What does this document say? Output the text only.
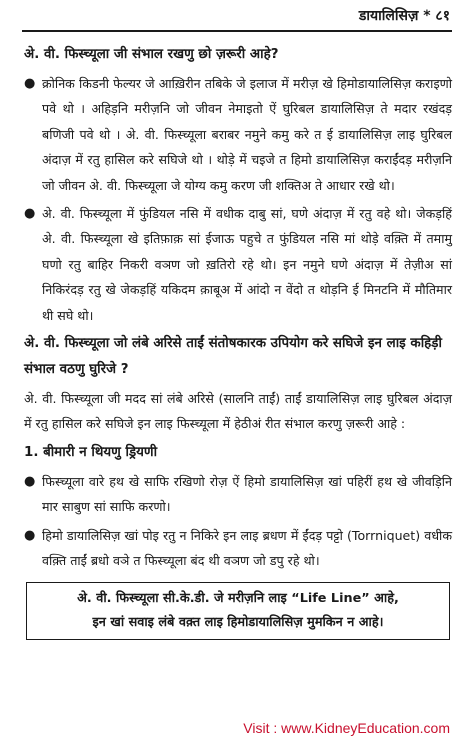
डायालिसिज़ * ८१
अे. वी. फिस्च्यूला जी संभाल रखणु छो ज़रूरी आहे?
● क्रोनिक किडनी फेल्यर जे आख़िरीन तबिके जे इलाज में मरीज़ खे हिमोडायालिसिज़ कराइणो पवे थो । अहिड़नि मरीज़नि जो जीवन नेमाइतो ऐं घुरिबल डायालिसिज़ ते मदार रखंदड़ बणिजी पवे थो । अे. वी. फिस्च्यूला बराबर नमुने कमु करे त ई डायालिसिज़ लाइ घुरिबल अंदाज़ में रतु हासिल करे सघिजे थो । थोड़े में चइजे त हिमो डायालिसिज़ कराईंदड़ मरीज़नि जो जीवन अे. वी. फिस्च्यूला जे योग्य कमु करण जी शक्तिअ ते आधार रखे थो।
● अे. वी. फिस्च्यूला में फुंडियल नसि में वधीक दाबु सां, घणे अंदाज़ में रतु वहे थो। जेकड़हिं अे. वी. फिस्च्यूला खे इतिफ़ाक़ सां ईजाऊ पहुचे त फुंडियल नसि मां थोड़े वक़्ति में तमामु घणो रतु बाहिर निकरी वञण जो ख़तिरो रहे थो। इन नमुने घणे अंदाज़ में तेज़ीअ सां निकिरंदड़ रतु खे जेकड़हिं यकिदम क़ाबूअ में आंदो न वेंदो त थोड़नि ई मिनटनि में मौतिमार थी सघे थो।
अे. वी. फिस्च्यूला जो लंबे अरिसे ताईं संतोषकारक उपियोग करे सघिजे इन लाइ कहिड़ी संभाल वठणु घुरिजे ?
अे. वी. फिस्च्यूला जी मदद सां लंबे अरिसे (सालनि ताईं) ताईं डायालिसिज़ लाइ घुरिबल अंदाज़ में रतु हासिल करे सघिजे इन लाइ फिस्च्यूला में हेठीअं रीत संभाल करणु ज़रूरी आहे :
1. बीमारी न थियणु ड्रियणी
● फिस्च्यूला वारे हथ खे साफि रखिणो रोज़ ऐं हिमो डायालिसिज़ खां पहिरीं हथ खे जीवड़िनि मार साबुण सां साफि करणो।
● हिमो डायालिसिज़ खां पोइ रतु न निकिरे इन लाइ ब्रधण में ईंदड़ पट्टो (Torrniquet) वधीक वक़्ति ताईं ब्रधो वञे त फिस्च्यूला बंद थी वञण जो डपु रहे थो।
अे. वी. फिस्च्यूला सी.के.डी. जे मरीज़नि लाइ “Life Line” आहे,
इन खां सवाइ लंबे वक़्त लाइ हिमोडायालिसिज़ मुमकिन न आहे।
Visit : www.KidneyEducation.com
